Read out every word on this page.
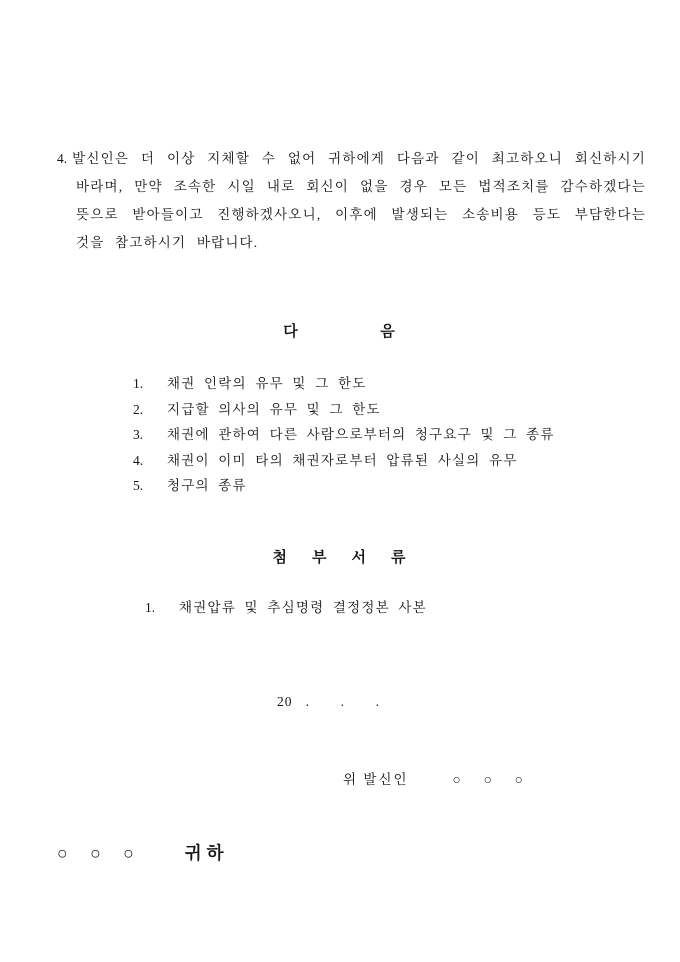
4. 발신인은 더 이상 지체할 수 없어 귀하에게 다음과 같이 최고하오니 회신하시기 바라며, 만약 조속한 시일 내로 회신이 없을 경우 모든 법적조치를 감수하겠다는 뜻으로 받아들이고 진행하겠사오니, 이후에 발생되는 소송비용 등도 부담한다는 것을 참고하시기 바랍니다.
다              음
1. 채권 인락의 유무 및 그 한도
2. 지급할 의사의 유무 및 그 한도
3. 채권에 관하여 다른 사람으로부터의 청구요구 및 그 종류
4. 채권이 이미 타의 채권자로부터 압류된 사실의 유무
5. 청구의 종류
첨    부    서    류
1. 채권압류 및 추심명령 결정정본 사본
20   .       .       .
위 발신인	○     ○     ○
○    ○    ○	귀하
